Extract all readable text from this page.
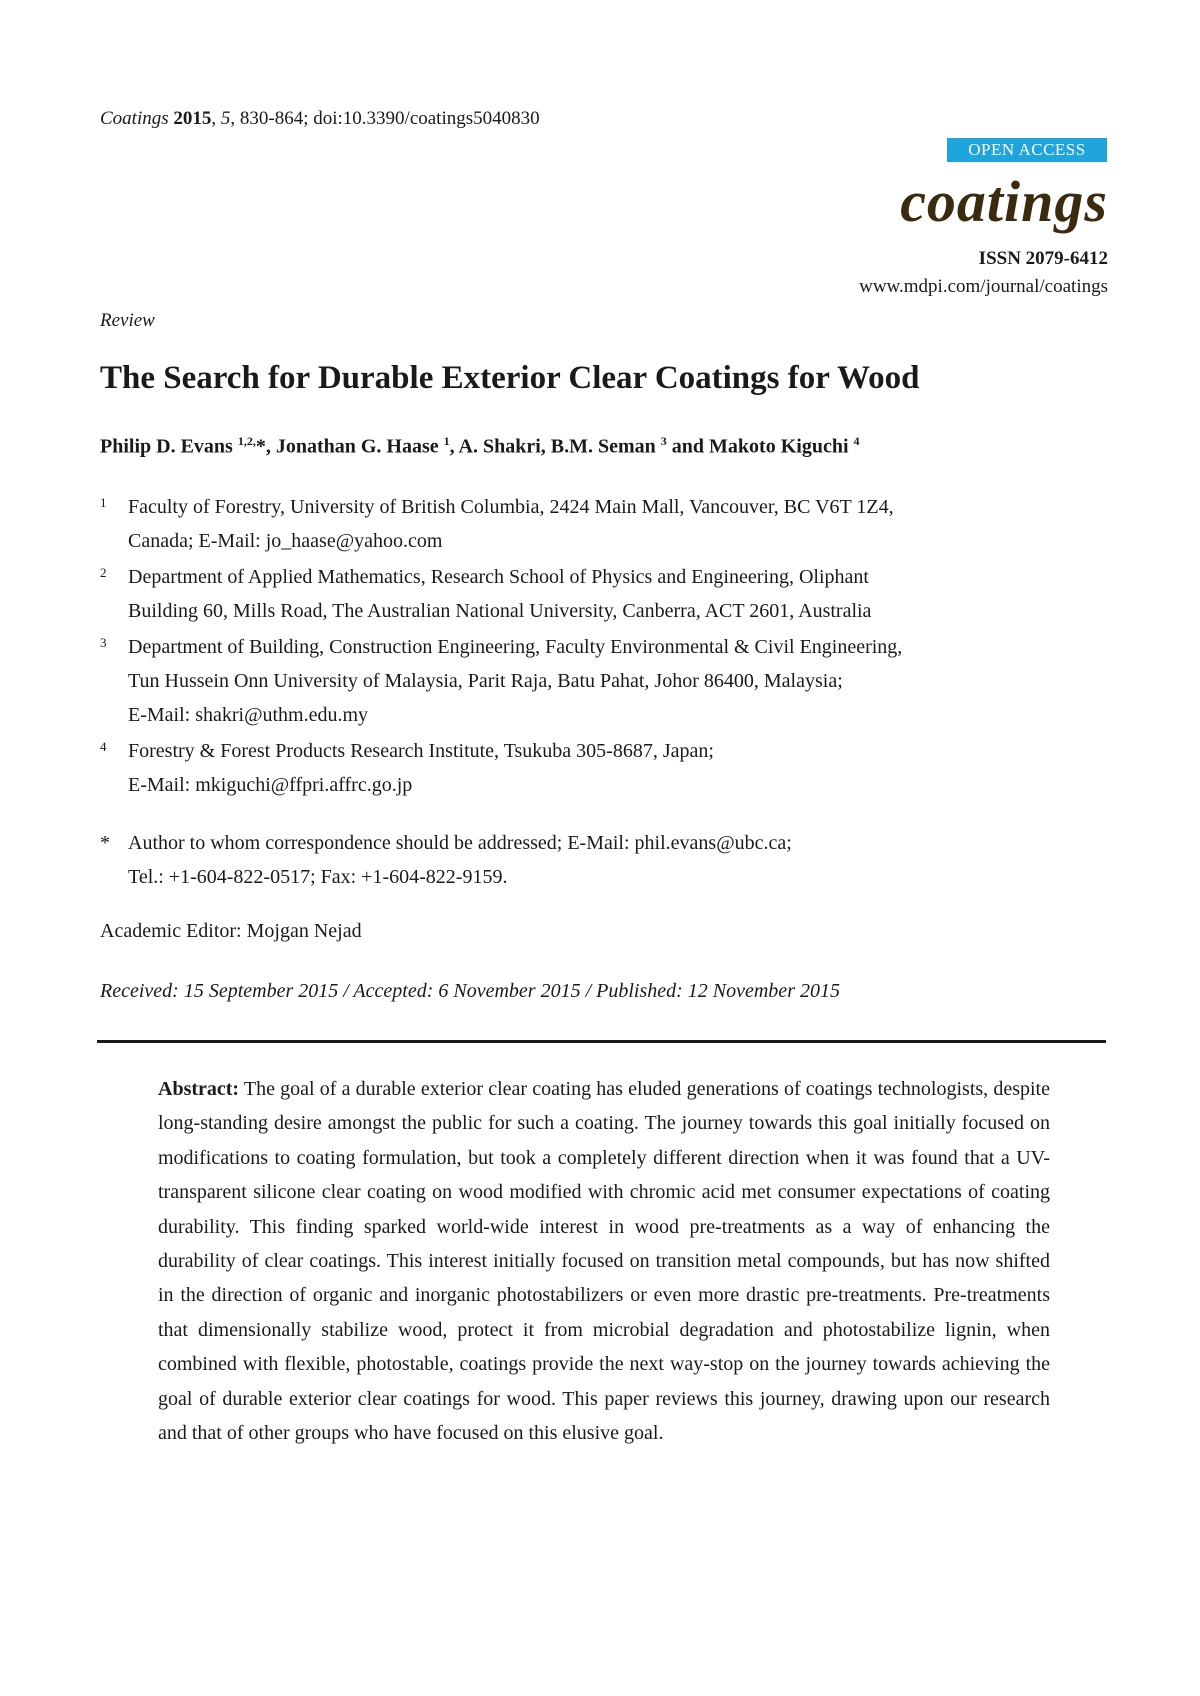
Coatings 2015, 5, 830-864; doi:10.3390/coatings5040830
OPEN ACCESS
coatings
ISSN 2079-6412
www.mdpi.com/journal/coatings
Review
The Search for Durable Exterior Clear Coatings for Wood
Philip D. Evans $^{1,2,}$*, Jonathan G. Haase $^1$, A. Shakri, B.M. Seman $^3$ and Makoto Kiguchi $^4$
1 Faculty of Forestry, University of British Columbia, 2424 Main Mall, Vancouver, BC V6T 1Z4,
Canada; E-Mail: jo_haase@yahoo.com
2 Department of Applied Mathematics, Research School of Physics and Engineering, Oliphant
Building 60, Mills Road, The Australian National University, Canberra, ACT 2601, Australia
3 Department of Building, Construction Engineering, Faculty Environmental & Civil Engineering,
Tun Hussein Onn University of Malaysia, Parit Raja, Batu Pahat, Johor 86400, Malaysia;
E-Mail: shakri@uthm.edu.my
4 Forestry & Forest Products Research Institute, Tsukuba 305-8687, Japan;
E-Mail: mkiguchi@ffpri.affrc.go.jp
* Author to whom correspondence should be addressed; E-Mail: phil.evans@ubc.ca;
Tel.: +1-604-822-0517; Fax: +1-604-822-9159.
Academic Editor: Mojgan Nejad
Received: 15 September 2015 / Accepted: 6 November 2015 / Published: 12 November 2015

Abstract: The goal of a durable exterior clear coating has eluded generations of coatings technologists, despite long-standing desire amongst the public for such a coating. The journey towards this goal initially focused on modifications to coating formulation, but took a completely different direction when it was found that a UV-transparent silicone clear coating on wood modified with chromic acid met consumer expectations of coating durability. This finding sparked world-wide interest in wood pre-treatments as a way of enhancing the durability of clear coatings. This interest initially focused on transition metal compounds, but has now shifted in the direction of organic and inorganic photostabilizers or even more drastic pre-treatments. Pre-treatments that dimensionally stabilize wood, protect it from microbial degradation and photostabilize lignin, when combined with flexible, photostable, coatings provide the next way-stop on the journey towards achieving the goal of durable exterior clear coatings for wood. This paper reviews this journey, drawing upon our research and that of other groups who have focused on this elusive goal.
